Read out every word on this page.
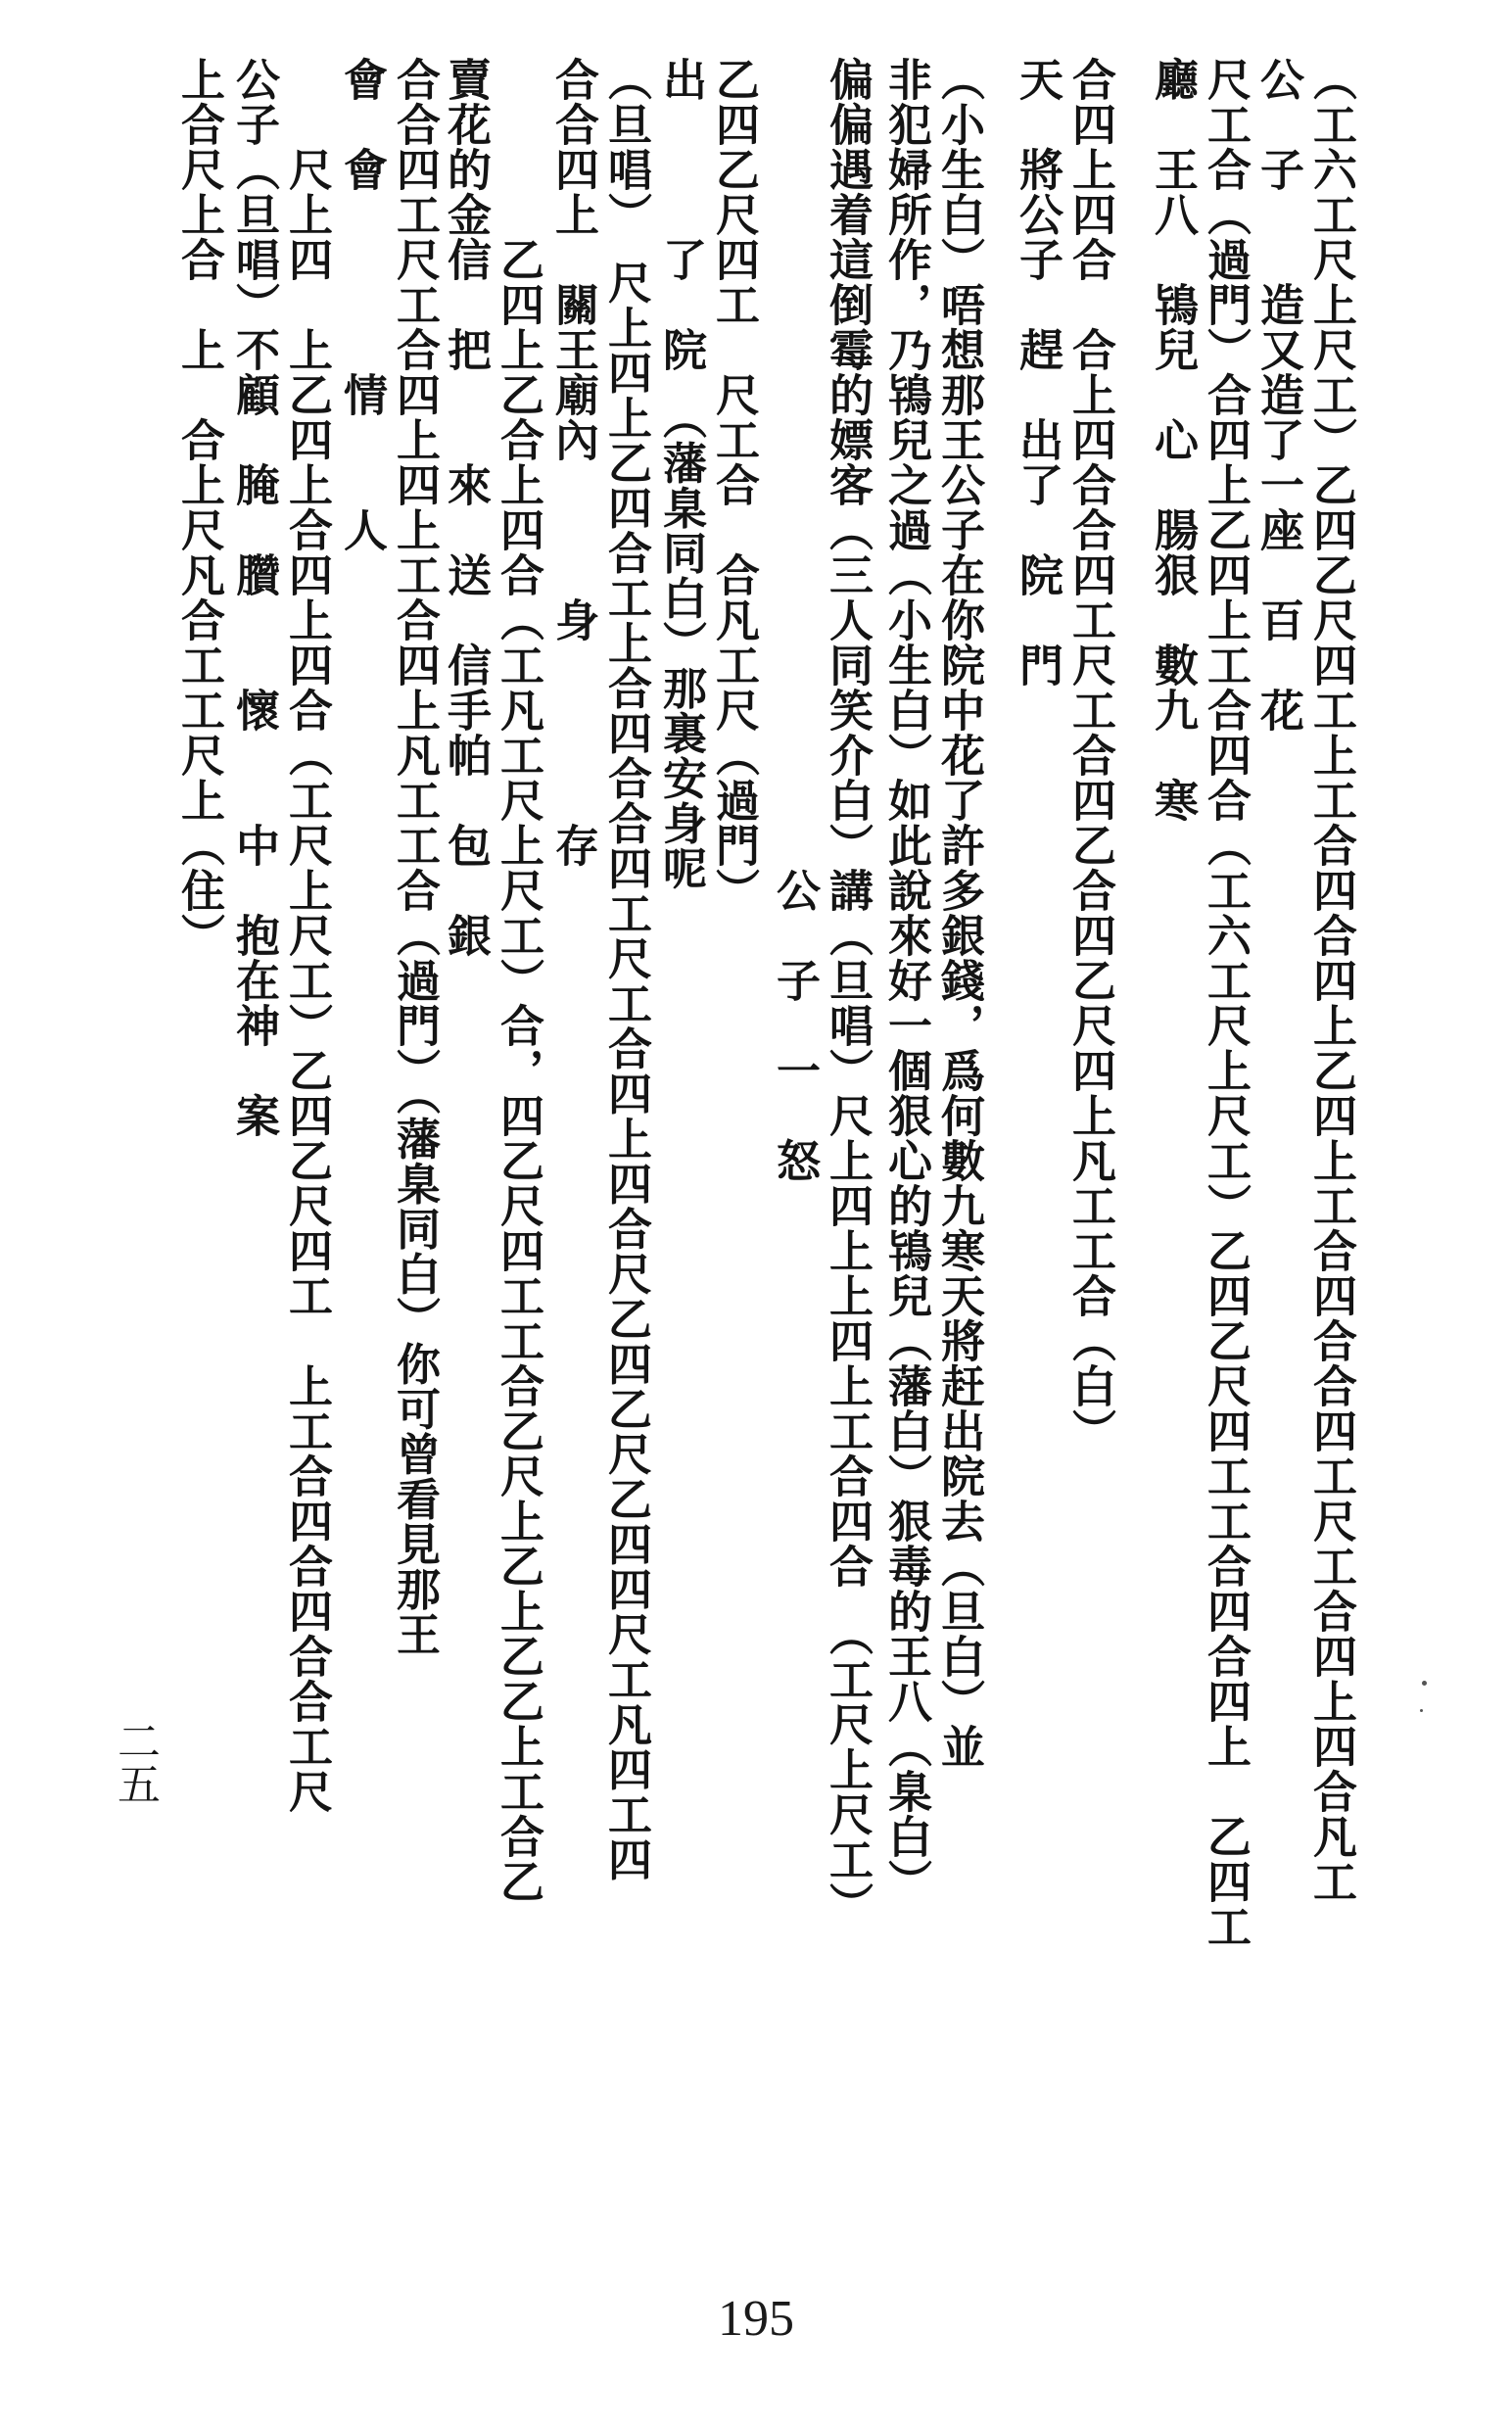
（工六工尺上尺工）乙四乙尺四工上工合四合四上乙四上工合四合合四工尺工合四上四合凡工
公　子　　造又造了一座　百　花
尺工合（過門）合四上乙四上工合四合（工六工尺上尺工）乙四乙尺四工工合四合四上　乙四工
廳　王八　鴇兒　心　腸狠　數九　寒
合四上四合　合上四合合四工尺工合四乙合四乙尺四上凡工工合（白）
天　將公子　趕　出了　院　門
（小生白）唔想那王公子在你院中花了許多銀錢，爲何數九寒天將赶出院去（旦白）並
非犯婦所作，乃鴇兒之過（小生白）如此說來好一個狠心的鴇兒（藩白）狠毒的王八（臬白）
偏偏遇着這倒霉的嫖客（三人同笑介白）講（旦唱）尺上四上上四上工合四合　（工尺上尺工）
　　　　　　　　　　　　　　　　　　公　子　一　怒
乙四乙尺四工　尺工合　合凡工尺（過門）
出　　　了　院　（藩臬同白）那裏安身呢
（旦唱）　尺上四上乙四合工上合四合合四工尺工合四上四合尺乙四乙尺乙四四尺工凡四工四
合合四上　關王廟內　　　身　　　　存
　　　　乙四上乙合上四合（工凡工尺上尺工）合，四乙尺四工工合乙尺上乙上乙乙上工合乙
賣花的金信　把　　來　送　信手帕　包　銀
合合四工尺工合四上四上工合四上凡工工合（過門）（藩臬同白）你可曾看見那王
會　會　　　　情　　人
　　尺上四　上乙四上合四上四合（工尺上尺工）乙四乙尺四工　上工合四合四合合工尺
公子（旦唱）不顧　腌　臢　　懷　　中　抱在神　案
上合尺上合　上　合上尺凡合工工尺上（住）
二五
195
